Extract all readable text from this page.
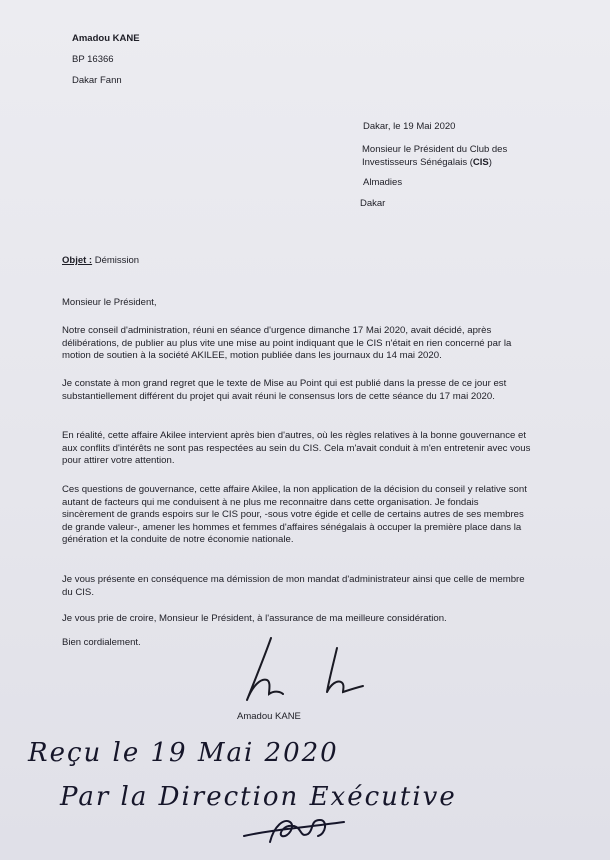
Amadou KANE
BP 16366
Dakar Fann
Dakar, le 19 Mai 2020
Monsieur le Président du Club des
Investisseurs Sénégalais (CIS)
Almadies
Dakar
Objet : Démission
Monsieur le Président,
Notre conseil d'administration, réuni en séance d'urgence dimanche 17 Mai 2020, avait décidé, après délibérations, de publier au plus vite une mise au point indiquant que le CIS n'était en rien concerné par la motion de soutien à la société AKILEE, motion publiée dans les journaux du 14 mai 2020.
Je constate à mon grand regret que le texte de Mise au Point qui est publié dans la presse de ce jour est substantiellement différent du projet qui avait réuni le consensus lors de cette séance du 17 mai 2020.
En réalité, cette affaire Akilee intervient après bien d'autres, où les règles relatives à la bonne gouvernance et aux conflits d'intérêts ne sont pas respectées au sein du CIS. Cela m'avait conduit à m'en entretenir avec vous pour attirer votre attention.
Ces questions de gouvernance, cette affaire Akilee, la non application de la décision du conseil y relative sont autant de facteurs qui me conduisent à ne plus me reconnaitre dans cette organisation. Je fondais sincèrement de grands espoirs sur le CIS pour, -sous votre égide et celle de certains autres de ses membres de grande valeur-, amener les hommes et femmes d'affaires sénégalais à occuper la première place dans la génération et la conduite de notre économie nationale.
Je vous présente en conséquence ma démission de mon mandat d'administrateur ainsi que celle de membre du CIS.
Je vous prie de croire, Monsieur le Président, à l'assurance de ma meilleure considération.
Bien cordialement.
Amadou KANE
Reçu le 19 Mai 2020
Par la Direction Exécutive
